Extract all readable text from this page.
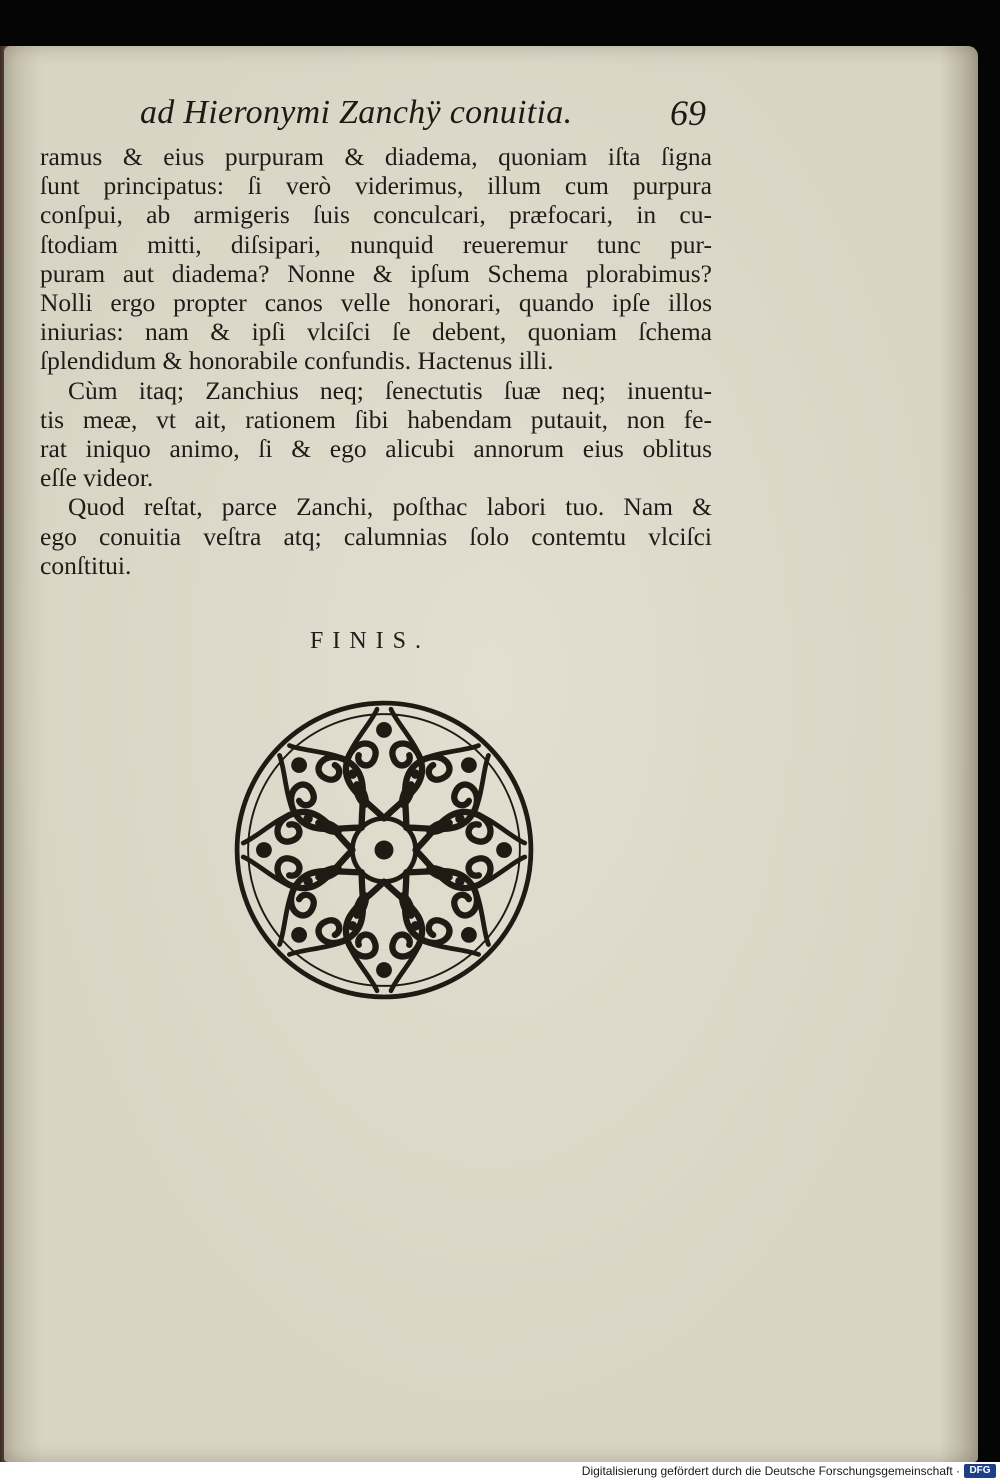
ad Hieronymi Zanchÿ conuitia.	69
ramus & eius purpuram & diadema, quoniam iſta ſigna
ſunt principatus: ſi verò viderimus, illum cum purpura
conſpui, ab armigeris ſuis conculcari, præfocari, in cu-
ſtodiam mitti, diſsipari, nunquid reueremur tunc pur-
puram aut diadema? Nonne & ipſum Schema plorabimus?
Nolli ergo propter canos velle honorari, quando ipſe illos
iniurias: nam & ipſi vlciſci ſe debent, quoniam ſchema
ſplendidum & honorabile confundis. Hactenus illi.
Cùm itaq; Zanchius neq; ſenectutis ſuæ neq; inuentu-
tis meæ, vt ait, rationem ſibi habendam putauit, non fe-
rat iniquo animo, ſi & ego alicubi annorum eius oblitus
eſſe videor.
Quod reſtat, parce Zanchi, poſthac labori tuo. Nam &
ego conuitia veſtra atq; calumnias ſolo contemtu vlciſci
conſtitui.
FINIS.
Digitalisierung gefördert durch die Deutsche Forschungsgemeinschaft · DFG
